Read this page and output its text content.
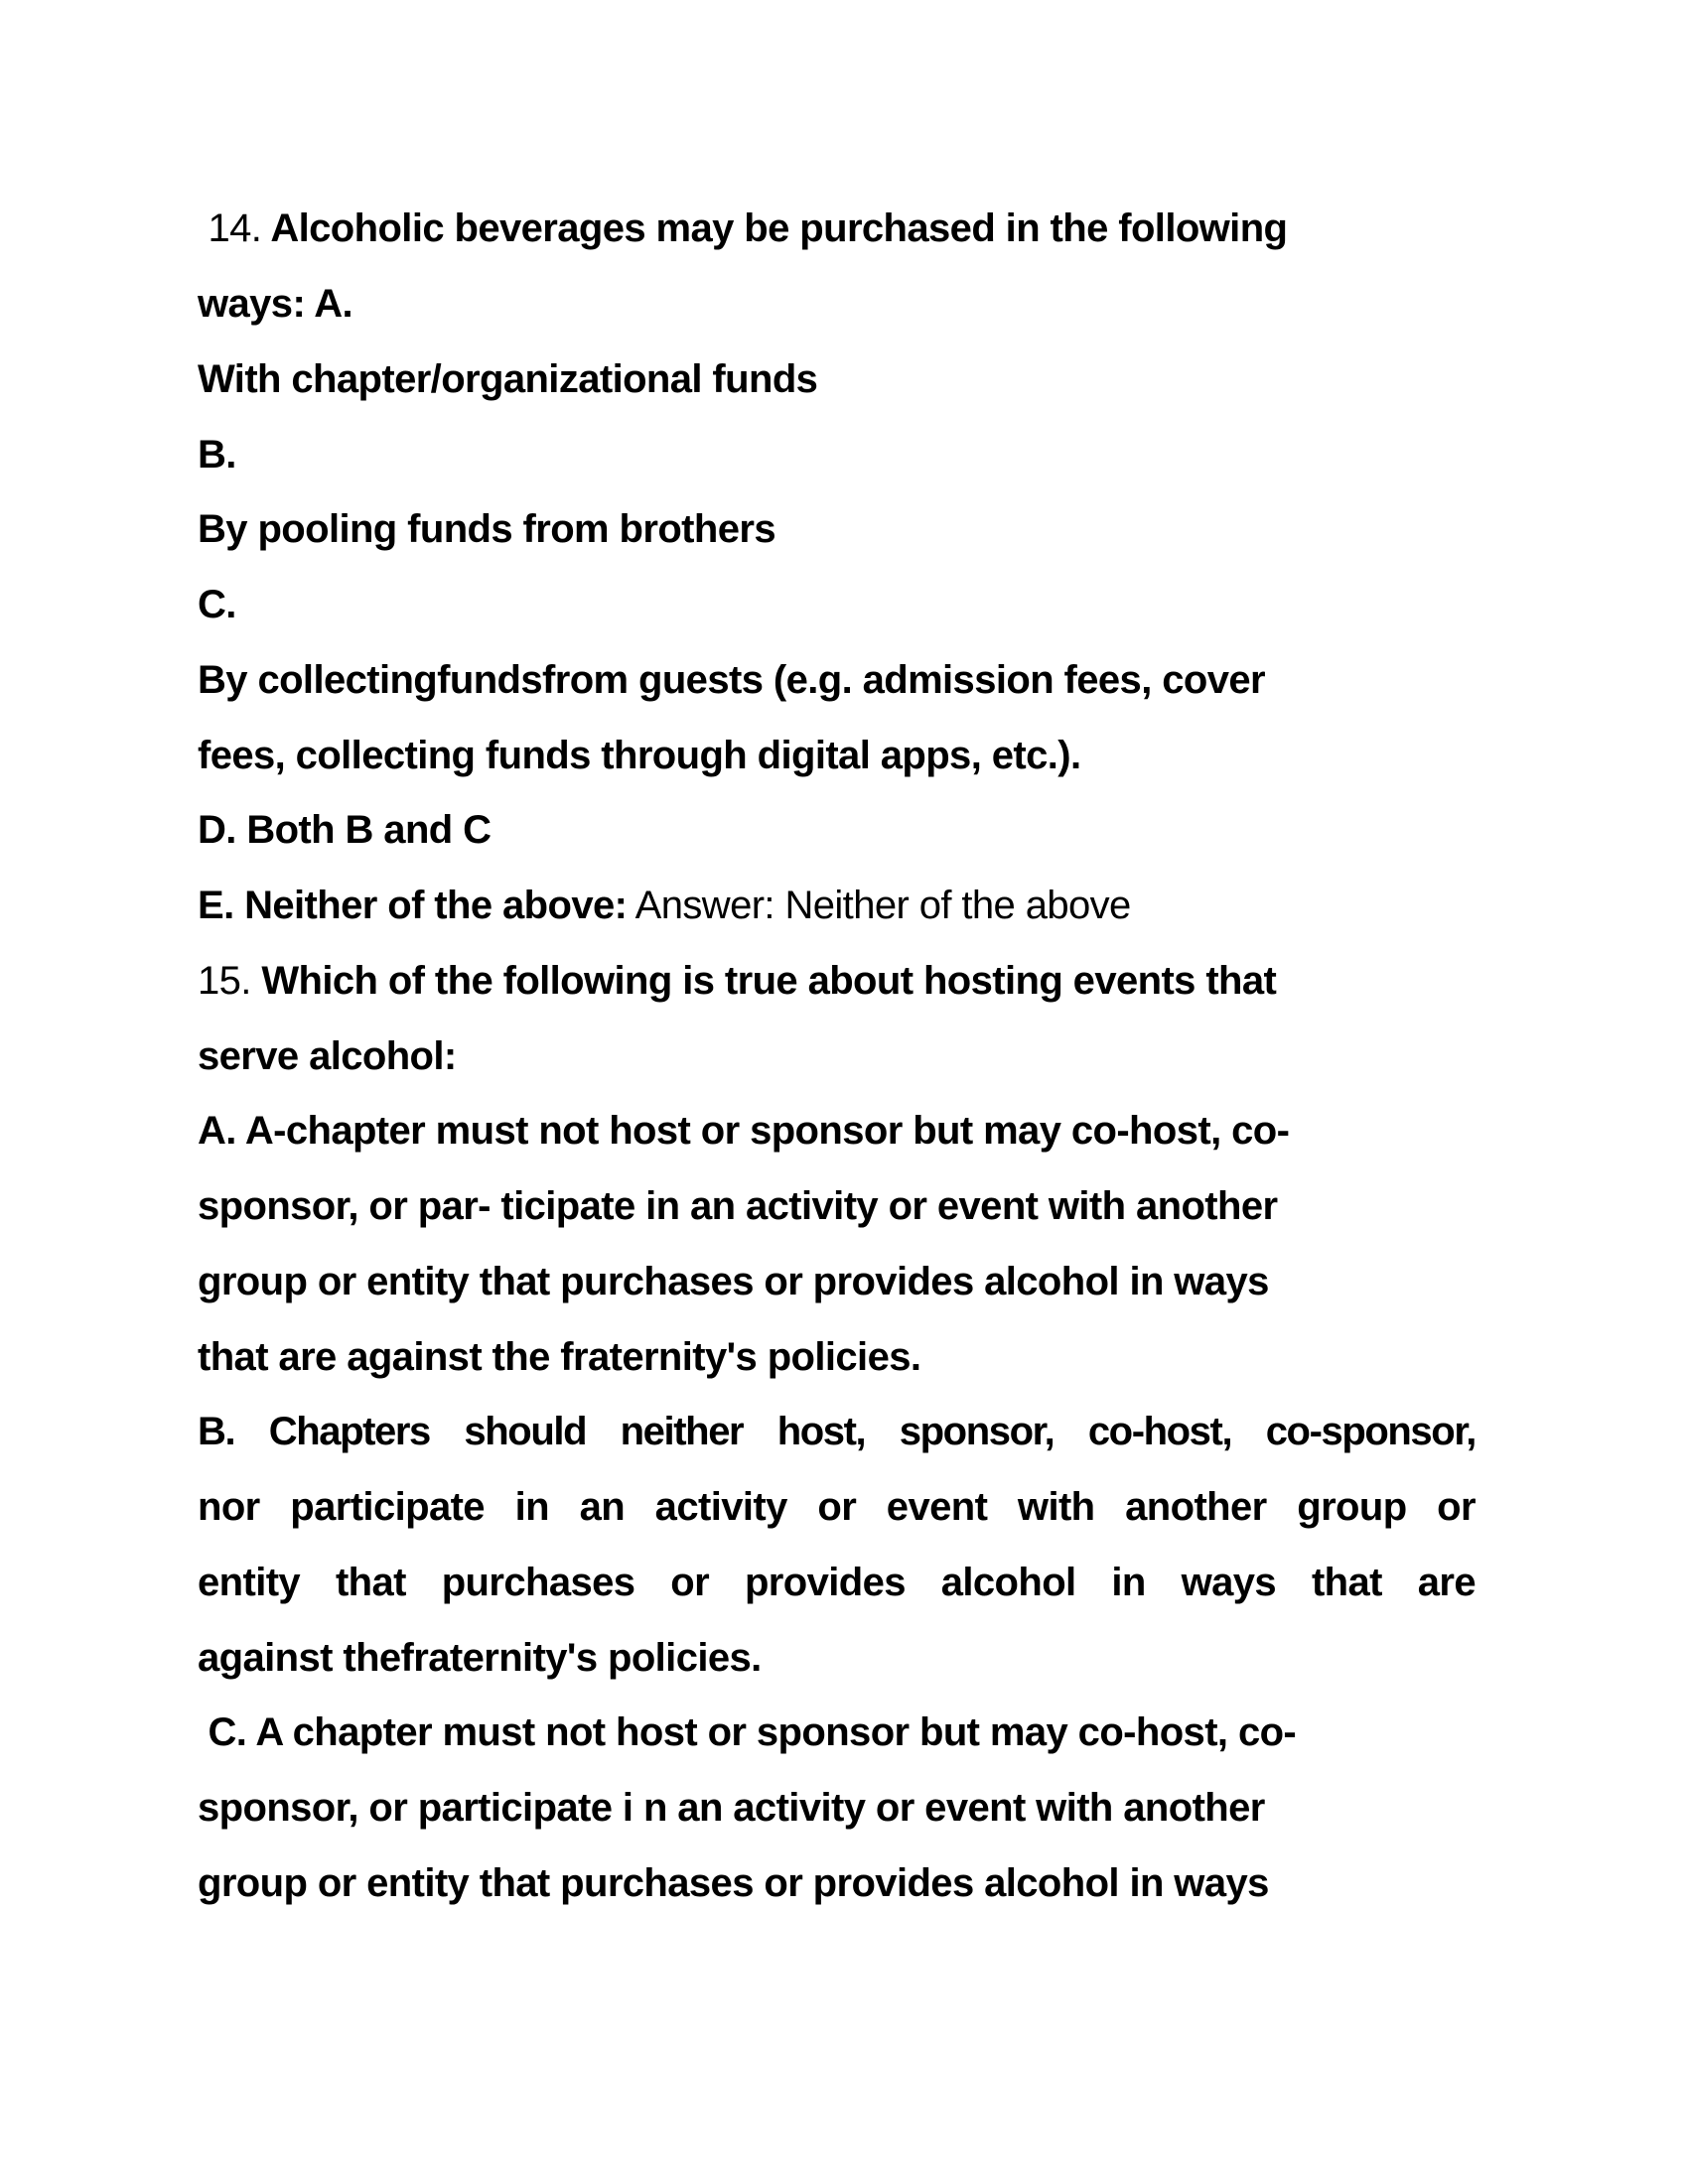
14. Alcoholic beverages may be purchased in the following
ways: A.
With chapter/organizational funds
B.
By pooling funds from brothers
C.
By collectingfundsfrom guests (e.g. admission fees, cover
fees, collecting funds through digital apps, etc.).
D. Both B and C
E. Neither of the above: Answer: Neither of the above
15. Which of the following is true about hosting events that
serve alcohol:
A. A-chapter must not host or sponsor but may co-host, co-
sponsor, or par- ticipate in an activity or event with another
group or entity that purchases or provides alcohol in ways
that are against the fraternity's policies.
B. Chapters should neither host, sponsor, co-host, co-sponsor,
nor participate in an activity or event with another group or
entity that purchases or provides alcohol in ways that are
against thefraternity's policies.
C. A chapter must not host or sponsor but may co-host, co-
sponsor, or participate i n an activity or event with another
group or entity that purchases or provides alcohol in ways
